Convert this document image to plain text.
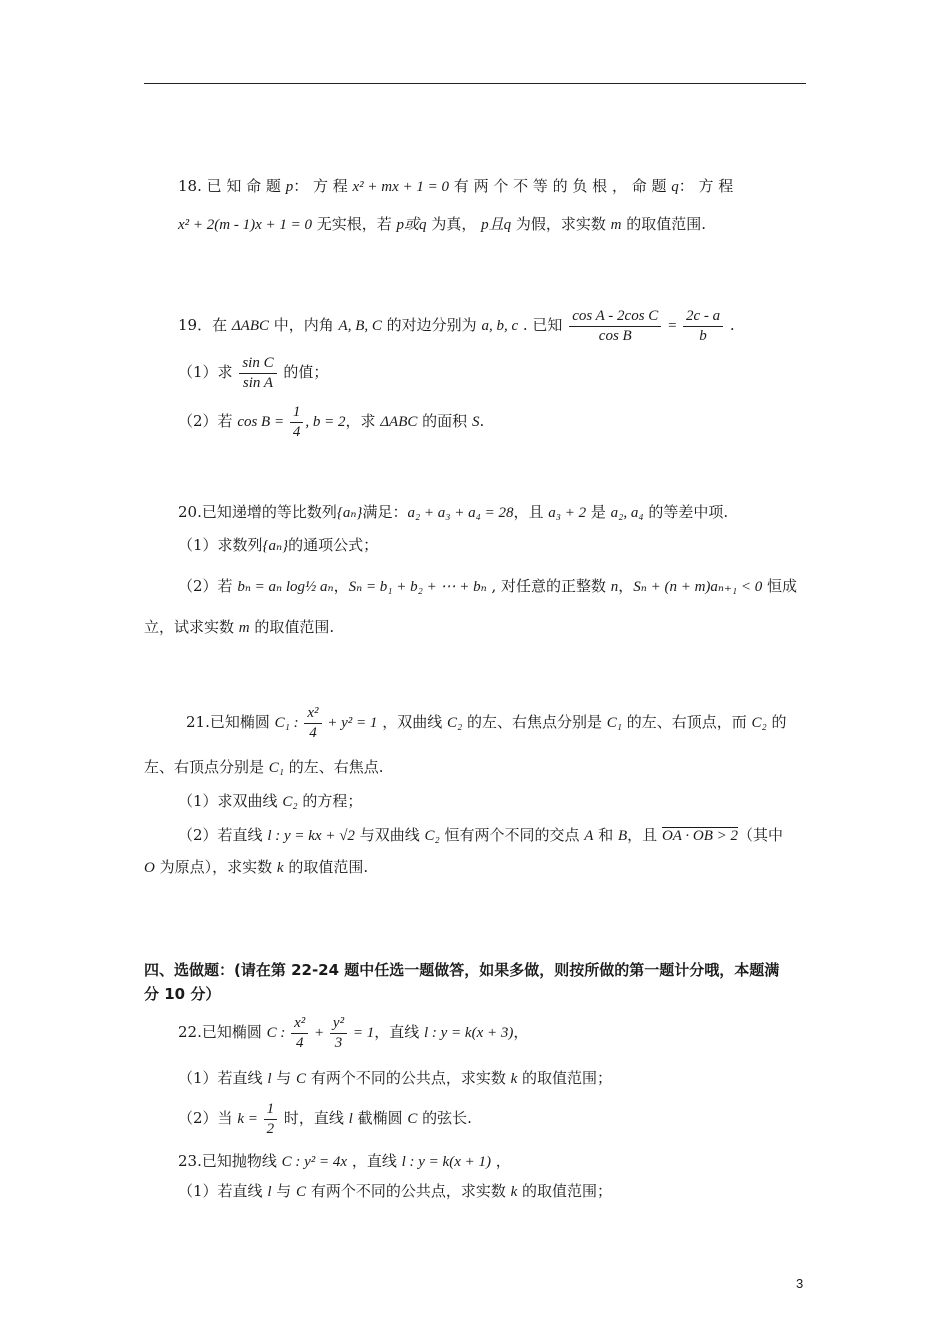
18. 已 知 命 题 p： 方 程 x² + mx + 1 = 0 有 两 个 不 等 的 负 根 ， 命 题 q： 方 程
x² + 2(m - 1)x + 1 = 0 无实根，若 p或q 为真， p且q 为假，求实数 m 的取值范围.
19．在 ΔABC 中，内角 A, B, C 的对边分别为 a, b, c . 已知 $\frac{\text{cos A - 2cos C}}{\text{cos B}} = \frac{2c - a}{b}$ .
（1）求 $\frac{\text{sin C}}{\text{sin A}}$ 的值；
（2）若 $\cos B = \frac{1}{4}$ , b = 2，求 ΔABC 的面积 S.
20.已知递增的等比数列{aₙ}满足：a₂ + a₃ + a₄ = 28，且 a₃ + 2 是 a₂, a₄ 的等差中项.
（1）求数列{aₙ}的通项公式；
（2）若 bₙ = aₙ log½ aₙ，Sₙ = b₁ + b₂ + ⋯ + bₙ , 对任意的正整数 n，Sₙ + (n + m)aₙ₊₁ < 0 恒成
立，试求实数 m 的取值范围.
21.已知椭圆 C₁ : $\frac{\text{x²}}{4} + y^2 = 1$ ，双曲线 C₂ 的左、右焦点分别是 C₁ 的左、右顶点，而 C₂ 的
左、右顶点分别是 C₁ 的左、右焦点.
（1）求双曲线 C₂ 的方程；
（2）若直线 l : y = kx + √2 与双曲线 C₂ 恒有两个不同的交点 A 和 B，且 OA · OB > 2（其中
O 为原点），求实数 k 的取值范围.
四、选做题：(请在第 22-24 题中任选一题做答，如果多做，则按所做的第一题计分哦，本题满
分 10 分）
22.已知椭圆 C : $\frac{\text{x²}}{4} + \frac{\text{y²}}{3} = 1$，直线 l : y = k(x + 3)，
（1）若直线 l 与 C 有两个不同的公共点，求实数 k 的取值范围；
（2）当 $k = \frac{1}{2}$ 时，直线 l 截椭圆 C 的弦长.
23.已知抛物线 C : y² = 4x ，直线 l : y = k(x + 1) ，
（1）若直线 l 与 C 有两个不同的公共点，求实数 k 的取值范围；
3
